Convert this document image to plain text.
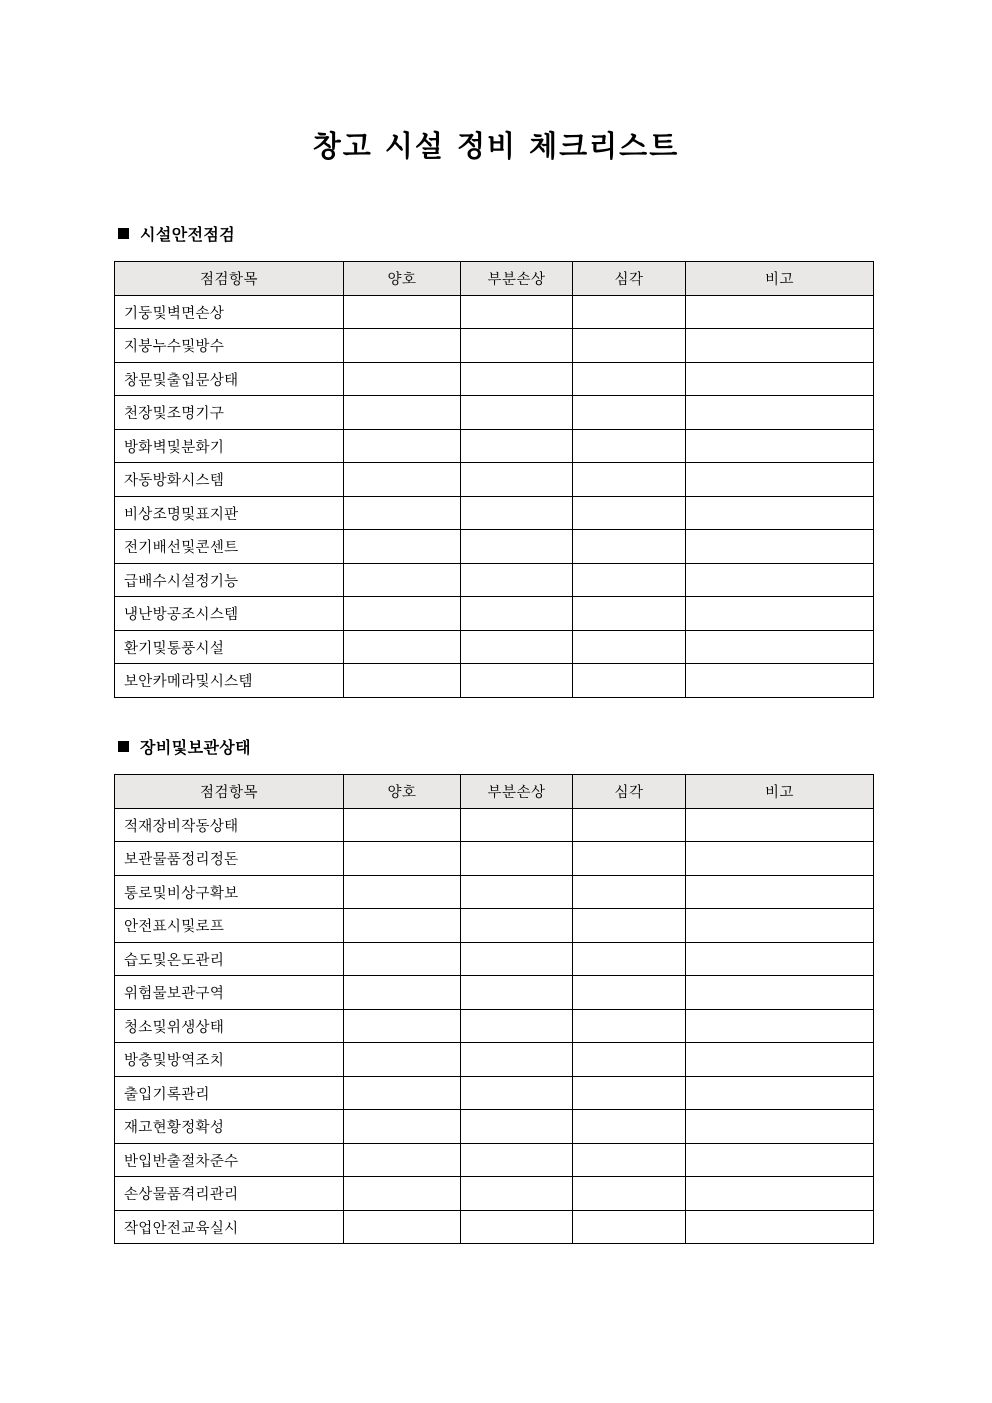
창고 시설 정비 체크리스트
시설안전점검
점검항목	양호	부분손상	심각	비고
기둥및벽면손상				
지붕누수및방수				
창문및출입문상태				
천장및조명기구				
방화벽및분화기				
자동방화시스템				
비상조명및표지판				
전기배선및콘센트				
급배수시설정기능				
냉난방공조시스템				
환기및통풍시설				
보안카메라및시스템				
장비및보관상태
점검항목	양호	부분손상	심각	비고
적재장비작동상태				
보관물품정리정돈				
통로및비상구확보				
안전표시및로프				
습도및온도관리				
위험물보관구역				
청소및위생상태				
방충및방역조치				
출입기록관리				
재고현황정확성				
반입반출절차준수				
손상물품격리관리				
작업안전교육실시				
